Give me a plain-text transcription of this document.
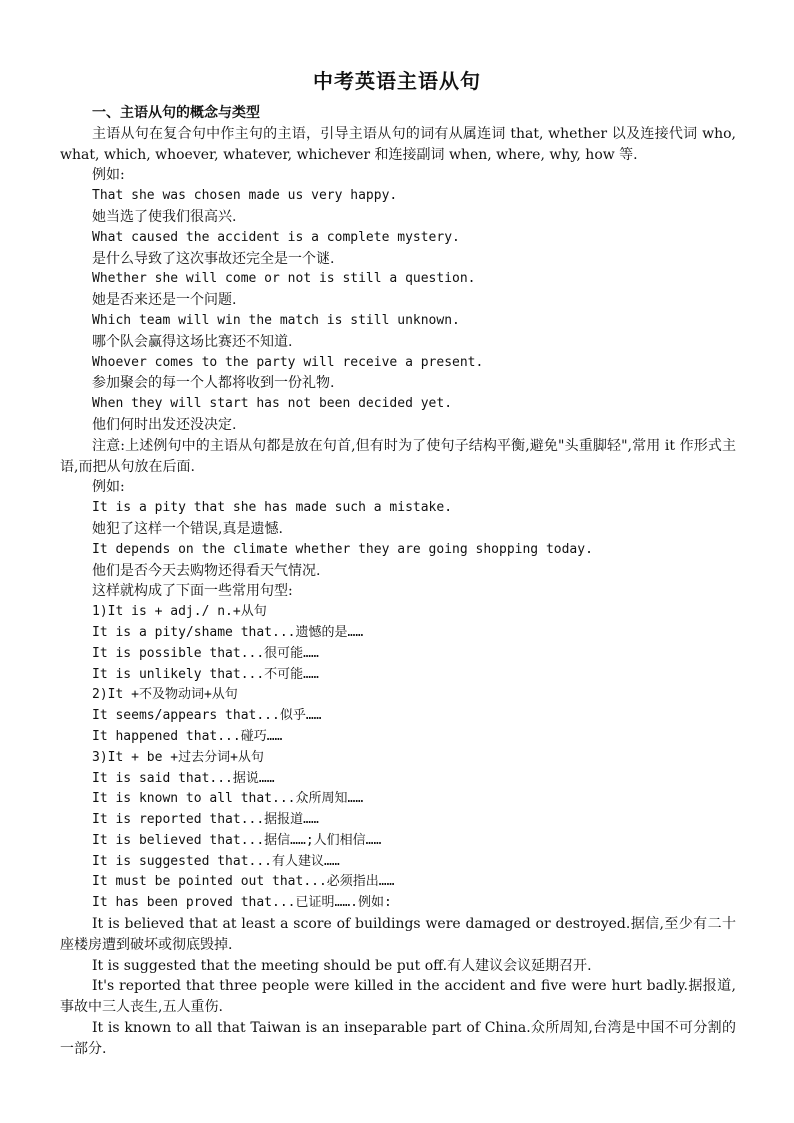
中考英语主语从句

一、主语从句的概念与类型

主语从句在复合句中作主句的主语，引导主语从句的词有从属连词 that, whether 以及连接代词 who, what, which, whoever, whatever, whichever 和连接副词 when, where, why, how 等.

例如:

That she was chosen made us very happy.

她当选了使我们很高兴.

What caused the accident is a complete mystery.

是什么导致了这次事故还完全是一个谜.

Whether she will come or not is still a question.

她是否来还是一个问题.

Which team will win the match is still unknown.

哪个队会赢得这场比赛还不知道.

Whoever comes to the party will receive a present.

参加聚会的每一个人都将收到一份礼物.

When they will start has not been decided yet.

他们何时出发还没决定.

注意:上述例句中的主语从句都是放在句首,但有时为了使句子结构平衡,避免"头重脚轻",常用 it 作形式主语,而把从句放在后面.

例如:

It is a pity that she has made such a mistake.

她犯了这样一个错误,真是遗憾.

It depends on the climate whether they are going shopping today.

他们是否今天去购物还得看天气情况.

这样就构成了下面一些常用句型:

1)It is + adj./ n.+从句

It is a pity/shame that...遗憾的是……

It is possible that...很可能……

It is unlikely that...不可能……

2)It +不及物动词+从句

It seems/appears that...似乎……

It happened that...碰巧……

3)It + be +过去分词+从句

It is said that...据说……

It is known to all that...众所周知……

It is reported that...据报道……

It is believed that...据信……;人们相信……

It is suggested that...有人建议……

It must be pointed out that...必须指出……

It has been proved that...已证明…….例如:

It is believed that at least a score of buildings were damaged or destroyed.据信,至少有二十座楼房遭到破坏或彻底毁掉.

It is suggested that the meeting should be put off.有人建议会议延期召开.

It's reported that three people were killed in the accident and five were hurt badly.据报道,事故中三人丧生,五人重伤.

It is known to all that Taiwan is an inseparable part of China.众所周知,台湾是中国不可分割的一部分.
